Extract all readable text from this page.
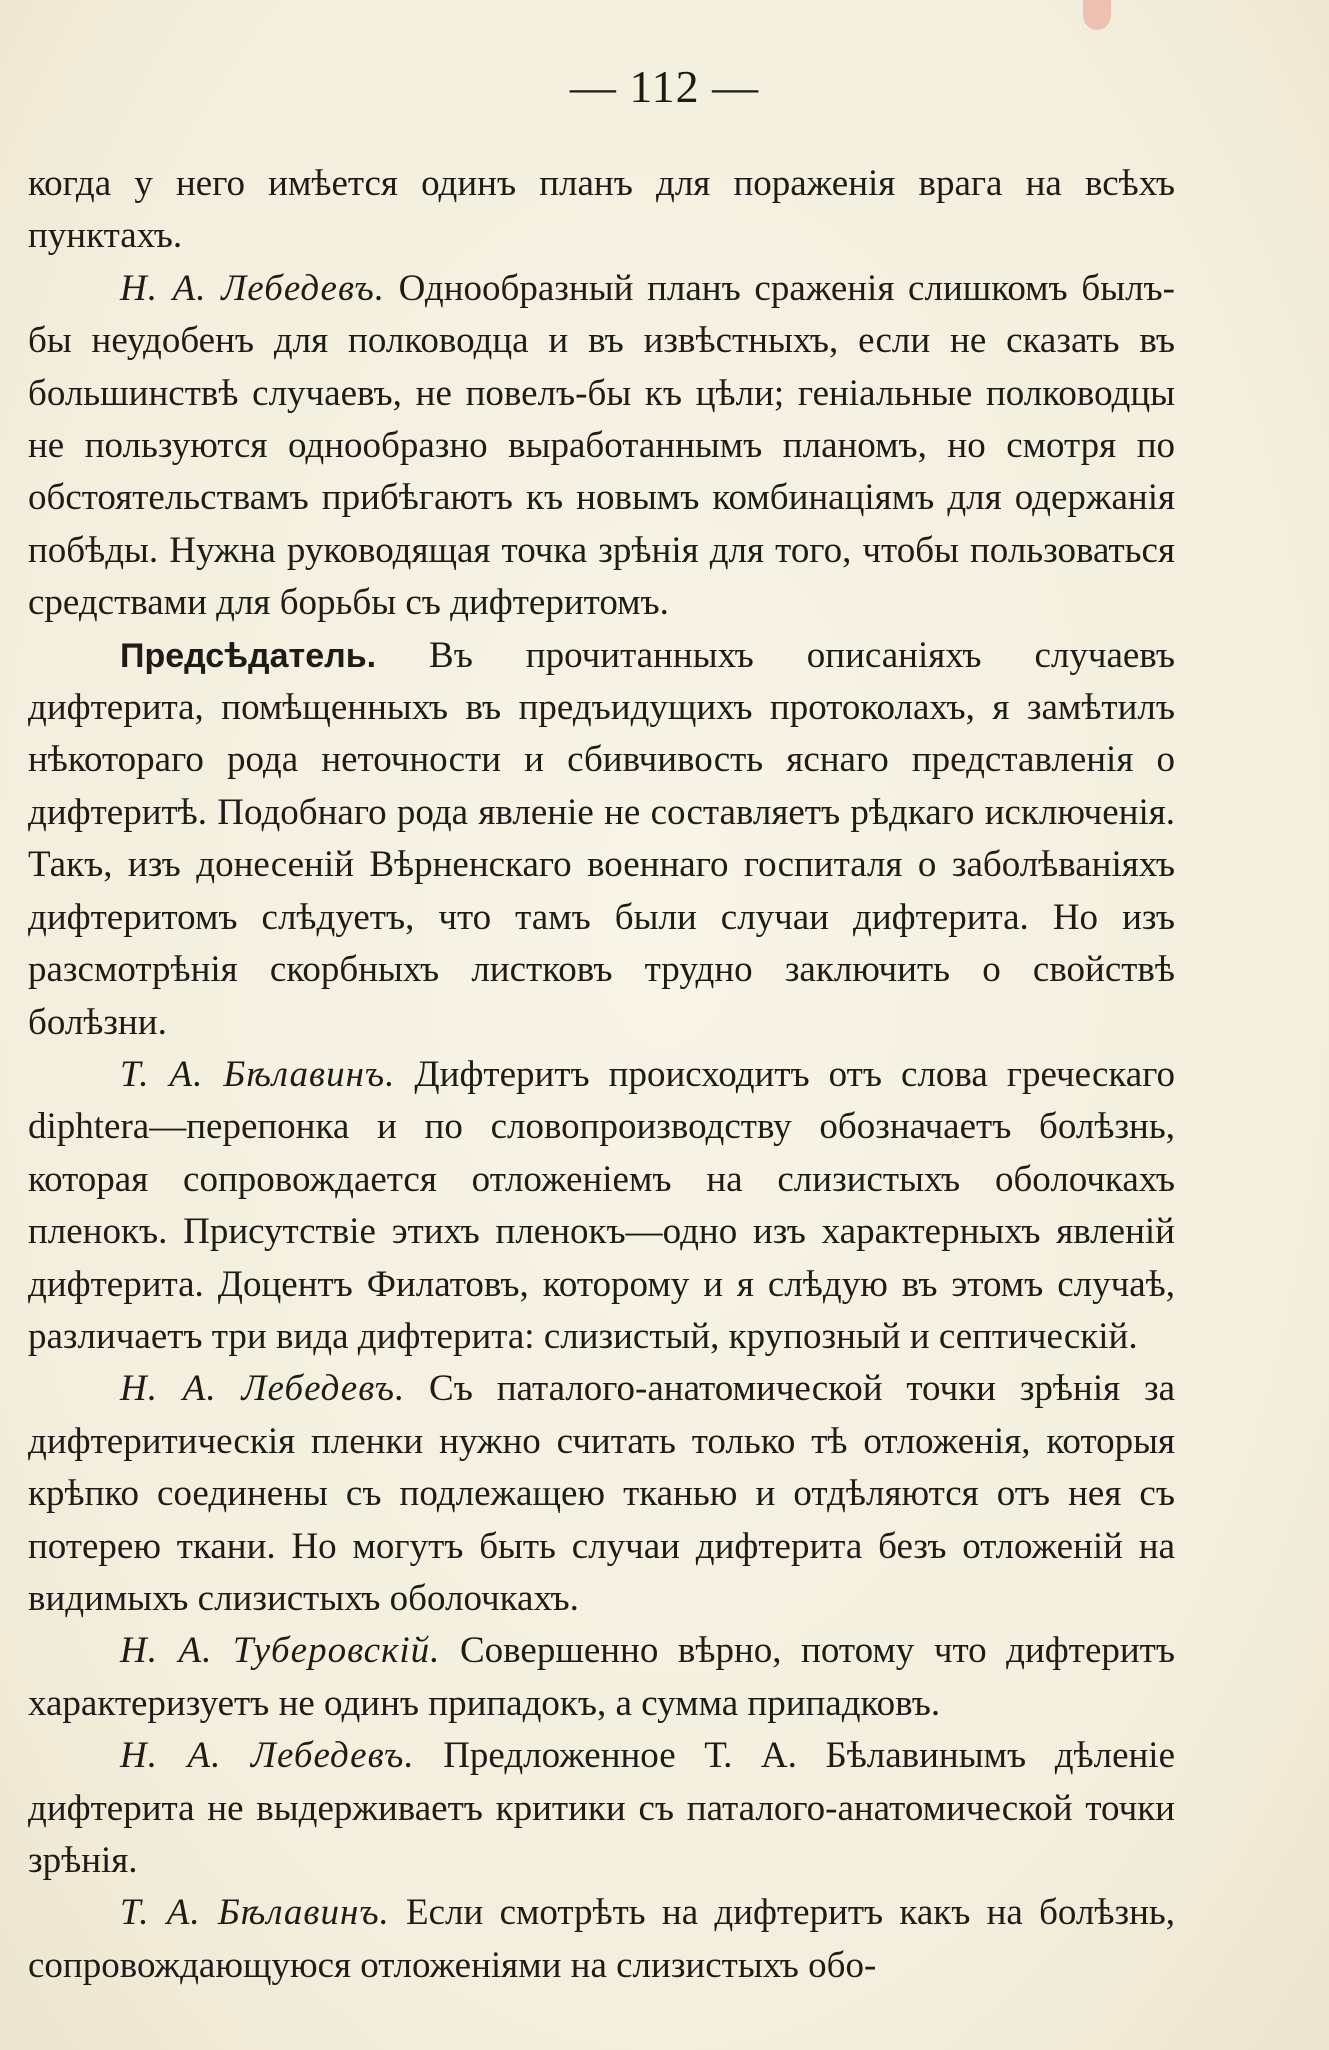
— 112 —

когда у него имѣется одинъ планъ для пораженія врага на всѣхъ пунктахъ.

Н. А. Лебедевъ. Однообразный планъ сраженія слишкомъ былъ-бы неудобенъ для полководца и въ извѣстныхъ, если не сказать въ большинствѣ случаевъ, не повелъ-бы къ цѣли; геніальные полководцы не пользуются однообразно выработаннымъ планомъ, но смотря по обстоятельствамъ прибѣгаютъ къ новымъ комбинаціямъ для одержанія побѣды. Нужна руководящая точка зрѣнія для того, чтобы пользоваться средствами для борьбы съ дифтеритомъ.

Предсѣдатель. Въ прочитанныхъ описаніяхъ случаевъ дифтерита, помѣщенныхъ въ предъидущихъ протоколахъ, я замѣтилъ нѣкотораго рода неточности и сбивчивость яснаго представленія о дифтеритѣ. Подобнаго рода явленіе не составляетъ рѣдкаго исключенія. Такъ, изъ донесеній Вѣрненскаго военнаго госпиталя о заболѣваніяхъ дифтеритомъ слѣдуетъ, что тамъ были случаи дифтерита. Но изъ разсмотрѣнія скорбныхъ листковъ трудно заключить о свойствѣ болѣзни.

Т. А. Бѣлавинъ. Дифтеритъ происходитъ отъ слова греческаго diphtera—перепонка и по словопроизводству обозначаетъ болѣзнь, которая сопровождается отложеніемъ на слизистыхъ оболочкахъ пленокъ. Присутствіе этихъ пленокъ—одно изъ характерныхъ явленій дифтерита. Доцентъ Филатовъ, которому и я слѣдую въ этомъ случаѣ, различаетъ три вида дифтерита: слизистый, крупозный и септическій.

Н. А. Лебедевъ. Съ паталого-анатомической точки зрѣнія за дифтеритическія пленки нужно считать только тѣ отложенія, которыя крѣпко соединены съ подлежащею тканью и отдѣляются отъ нея съ потерею ткани. Но могутъ быть случаи дифтерита безъ отложеній на видимыхъ слизистыхъ оболочкахъ.

Н. А. Туберовскій. Совершенно вѣрно, потому что дифтеритъ характеризуетъ не одинъ припадокъ, а сумма припадковъ.

Н. А. Лебедевъ. Предложенное Т. А. Бѣлавинымъ дѣленіе дифтерита не выдерживаетъ критики съ паталого-анатомической точки зрѣнія.

Т. А. Бѣлавинъ. Если смотрѣть на дифтеритъ какъ на болѣзнь, сопровождающуюся отложеніями на слизистыхъ обо-
